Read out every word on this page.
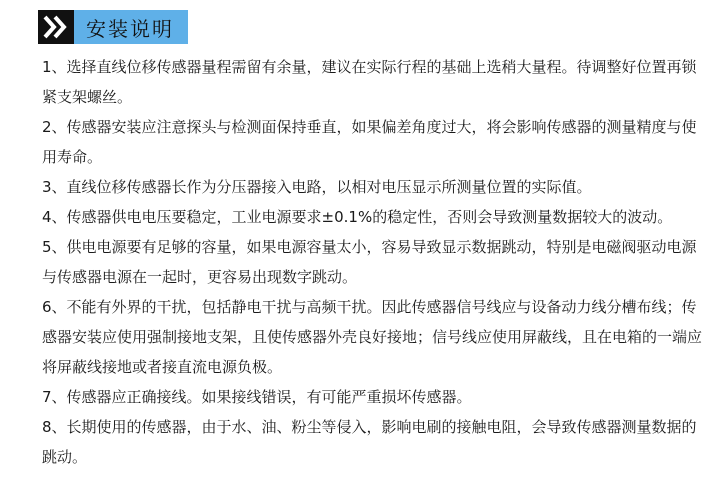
安装说明

1、选择直线位移传感器量程需留有余量，建议在实际行程的基础上选稍大量程。待调整好位置再锁紧支架螺丝。

2、传感器安装应注意探头与检测面保持垂直，如果偏差角度过大，将会影响传感器的测量精度与使用寿命。

3、直线位移传感器长作为分压器接入电路，以相对电压显示所测量位置的实际值。

4、传感器供电电压要稳定，工业电源要求±0.1%的稳定性，否则会导致测量数据较大的波动。

5、供电电源要有足够的容量，如果电源容量太小，容易导致显示数据跳动，特别是电磁阀驱动电源与传感器电源在一起时，更容易出现数字跳动。

6、不能有外界的干扰，包括静电干扰与高频干扰。因此传感器信号线应与设备动力线分槽布线；传感器安装应使用强制接地支架，且使传感器外壳良好接地；信号线应使用屏蔽线，且在电箱的一端应将屏蔽线接地或者接直流电源负极。

7、传感器应正确接线。如果接线错误，有可能严重损坏传感器。

8、长期使用的传感器，由于水、油、粉尘等侵入，影响电刷的接触电阻，会导致传感器测量数据的跳动。
